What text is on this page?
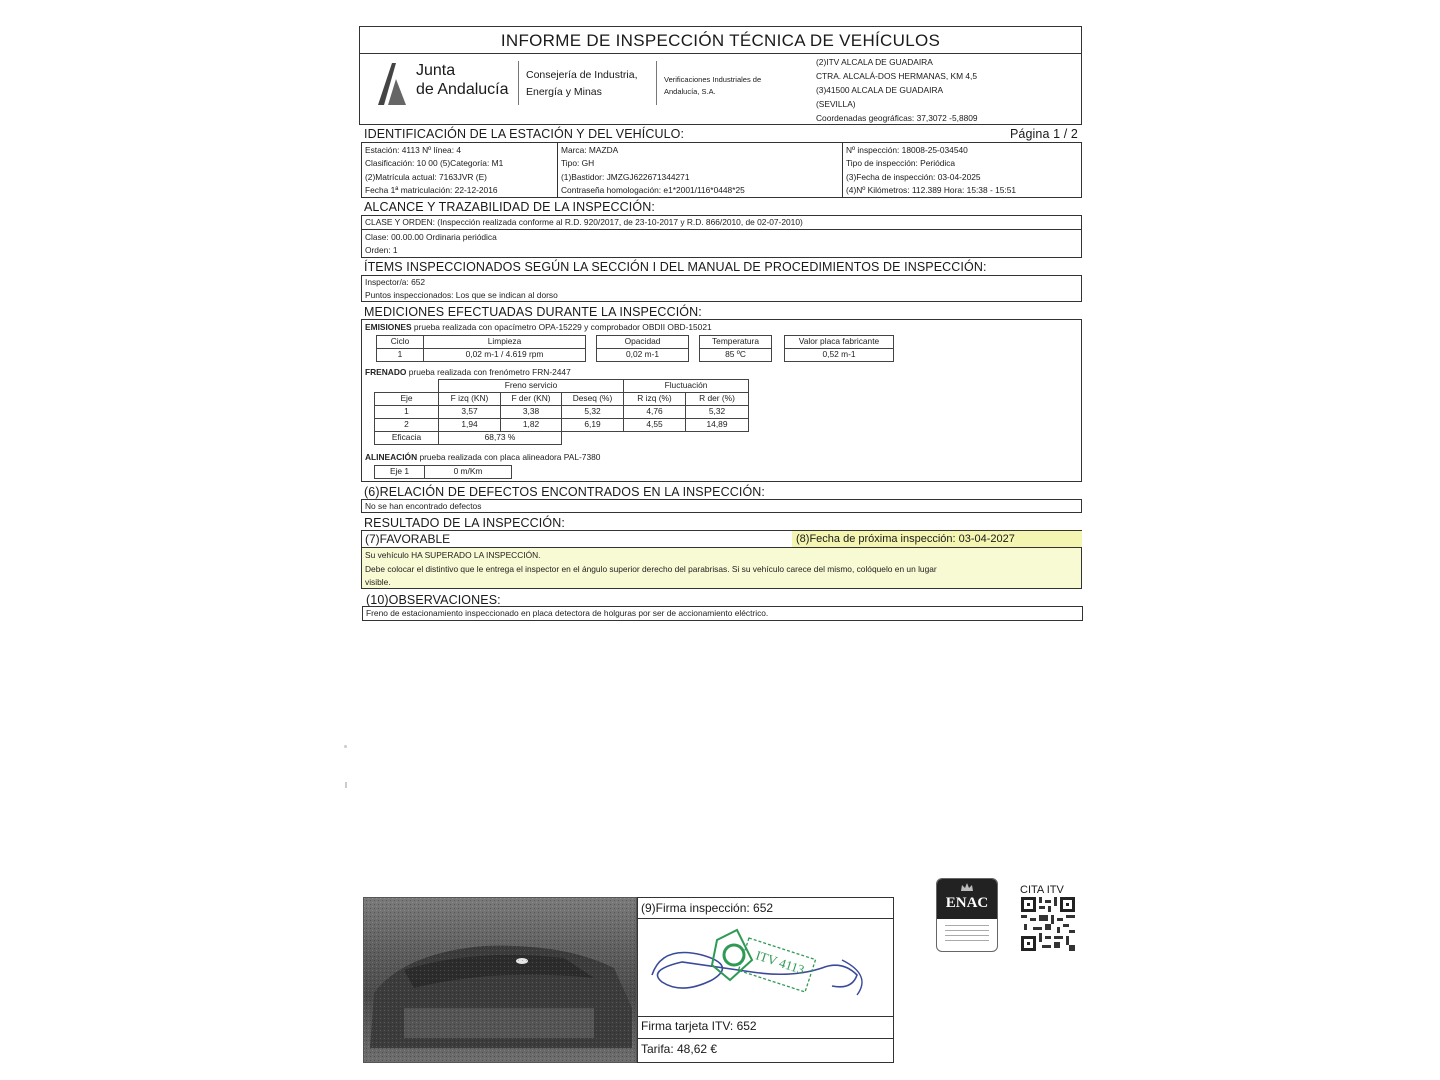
INFORME DE INSPECCIÓN TÉCNICA DE VEHÍCULOS
Junta
de Andalucía
Consejería de Industria,
Energía y Minas
Verificaciones Industriales de
Andalucía, S.A.
(2)ITV ALCALA DE GUADAIRA
CTRA. ALCALÁ-DOS HERMANAS, KM 4,5
(3)41500 ALCALA DE GUADAIRA
(SEVILLA)
Coordenadas geográficas: 37,3072 -5,8809
IDENTIFICACIÓN DE LA ESTACIÓN Y DEL VEHÍCULO:	Página 1 / 2
Estación: 4113 Nº línea: 4
Clasificación: 10 00 (5)Categoría: M1
(2)Matrícula actual: 7163JVR (E)
Fecha 1ª matriculación: 22-12-2016
Marca: MAZDA
Tipo: GH
(1)Bastidor: JMZGJ622671344271
Contraseña homologación: e1*2001/116*0448*25
Nº inspección: 18008-25-034540
Tipo de inspección: Periódica
(3)Fecha de inspección: 03-04-2025
(4)Nº Kilómetros: 112.389 Hora: 15:38 - 15:51
ALCANCE Y TRAZABILIDAD DE LA INSPECCIÓN:
CLASE Y ORDEN: (Inspección realizada conforme al R.D. 920/2017, de 23-10-2017 y R.D. 866/2010, de 02-07-2010)
Clase: 00.00.00 Ordinaria periódica
Orden: 1
ÍTEMS INSPECCIONADOS SEGÚN LA SECCIÓN I DEL MANUAL DE PROCEDIMIENTOS DE INSPECCIÓN:
Inspector/a: 652
Puntos inspeccionados: Los que se indican al dorso
MEDICIONES EFECTUADAS DURANTE LA INSPECCIÓN:
EMISIONES prueba realizada con opacímetro OPA-15229 y comprobador OBDII OBD-15021
Ciclo	Limpieza
1	0,02 m-1 / 4.619 rpm
Opacidad
0,02 m-1
Temperatura
85 ºC
Valor placa fabricante
0,52 m-1
FRENADO prueba realizada con frenómetro FRN-2447
Freno servicio	Fluctuación
Eje	F izq (KN)	F der (KN)	Deseq (%)	R izq (%)	R der (%)
1	3,57	3,38	5,32	4,76	5,32
2	1,94	1,82	6,19	4,55	14,89
Eficacia	68,73 %
ALINEACIÓN prueba realizada con placa alineadora PAL-7380
Eje 1	0 m/Km
(6)RELACIÓN DE DEFECTOS ENCONTRADOS EN LA INSPECCIÓN:
No se han encontrado defectos
RESULTADO DE LA INSPECCIÓN:
(7)FAVORABLE	(8)Fecha de próxima inspección: 03-04-2027
Su vehículo HA SUPERADO LA INSPECCIÓN.
Debe colocar el distintivo que le entrega el inspector en el ángulo superior derecho del parabrisas. Si su vehículo carece del mismo, colóquelo en un lugar
visible.
(10)OBSERVACIONES:
Freno de estacionamiento inspeccionado en placa detectora de holguras por ser de accionamiento eléctrico.
(9)Firma inspección: 652
ITV 4113
Firma tarjeta ITV: 652
Tarifa: 48,62 €
ENAC
CITA ITV
